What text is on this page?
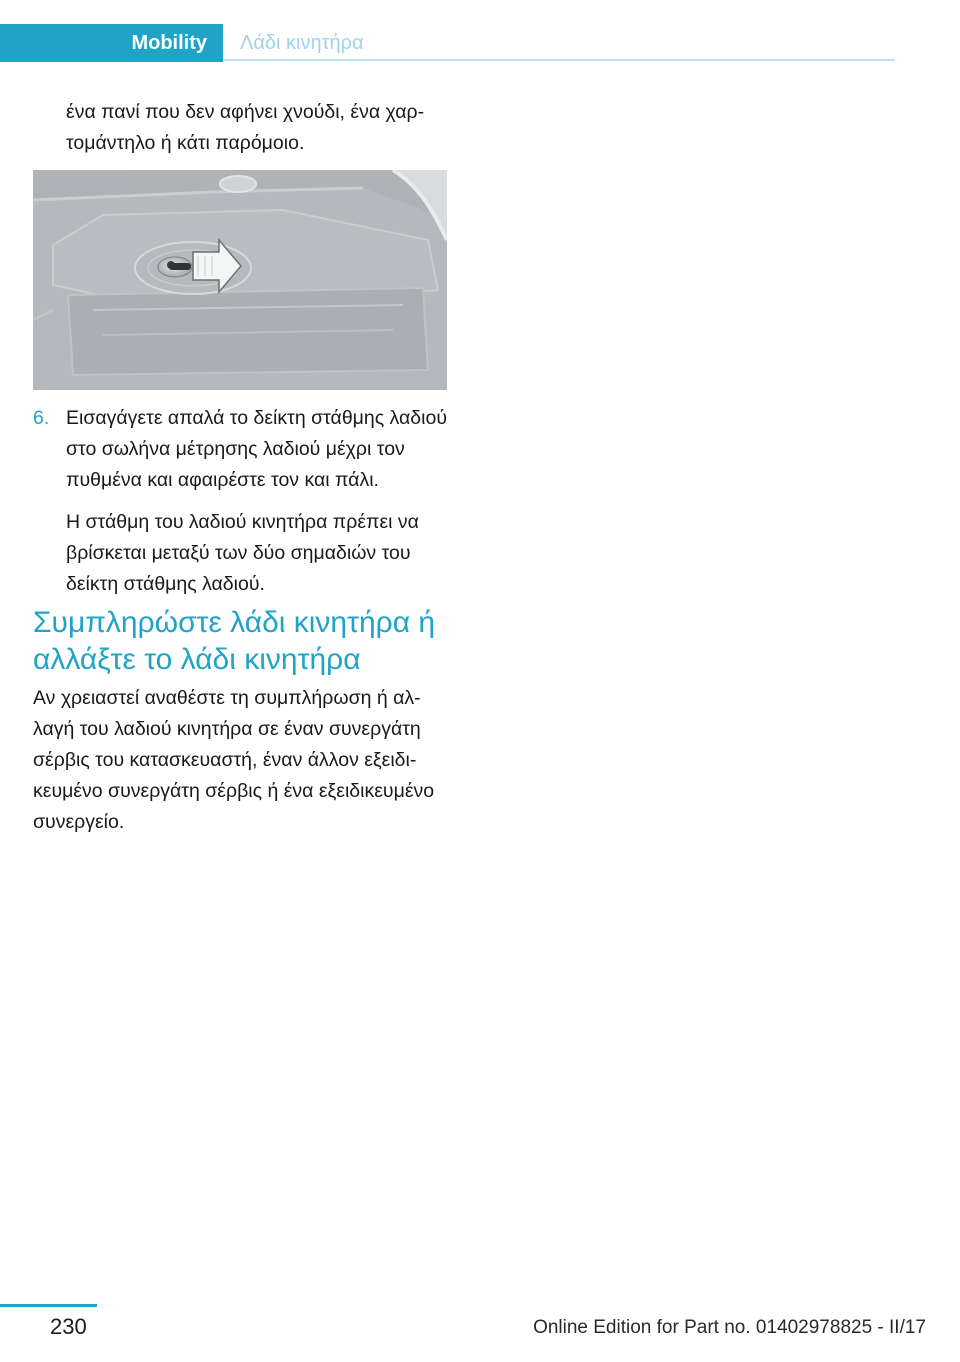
Mobility Λάδι κινητήρα

ένα πανί που δεν αφήνει χνούδι, ένα χαρτομάντηλο ή κάτι παρόμοιο.

6. Εισαγάγετε απαλά το δείκτη στάθμης λαδιού στο σωλήνα μέτρησης λαδιού μέχρι τον πυθμένα και αφαιρέστε τον και πάλι.
Η στάθμη του λαδιού κινητήρα πρέπει να βρίσκεται μεταξύ των δύο σημαδιών του δείκτη στάθμης λαδιού.
Συμπληρώστε λάδι κινητήρα ή αλλάξτε το λάδι κινητήρα

Αν χρειαστεί αναθέστε τη συμπλήρωση ή αλλαγή του λαδιού κινητήρα σε έναν συνεργάτη σέρβις του κατασκευαστή, έναν άλλον εξειδικευμένο συνεργάτη σέρβις ή ένα εξειδικευμένο συνεργείο.

230	Online Edition for Part no. 01402978825 - II/17
